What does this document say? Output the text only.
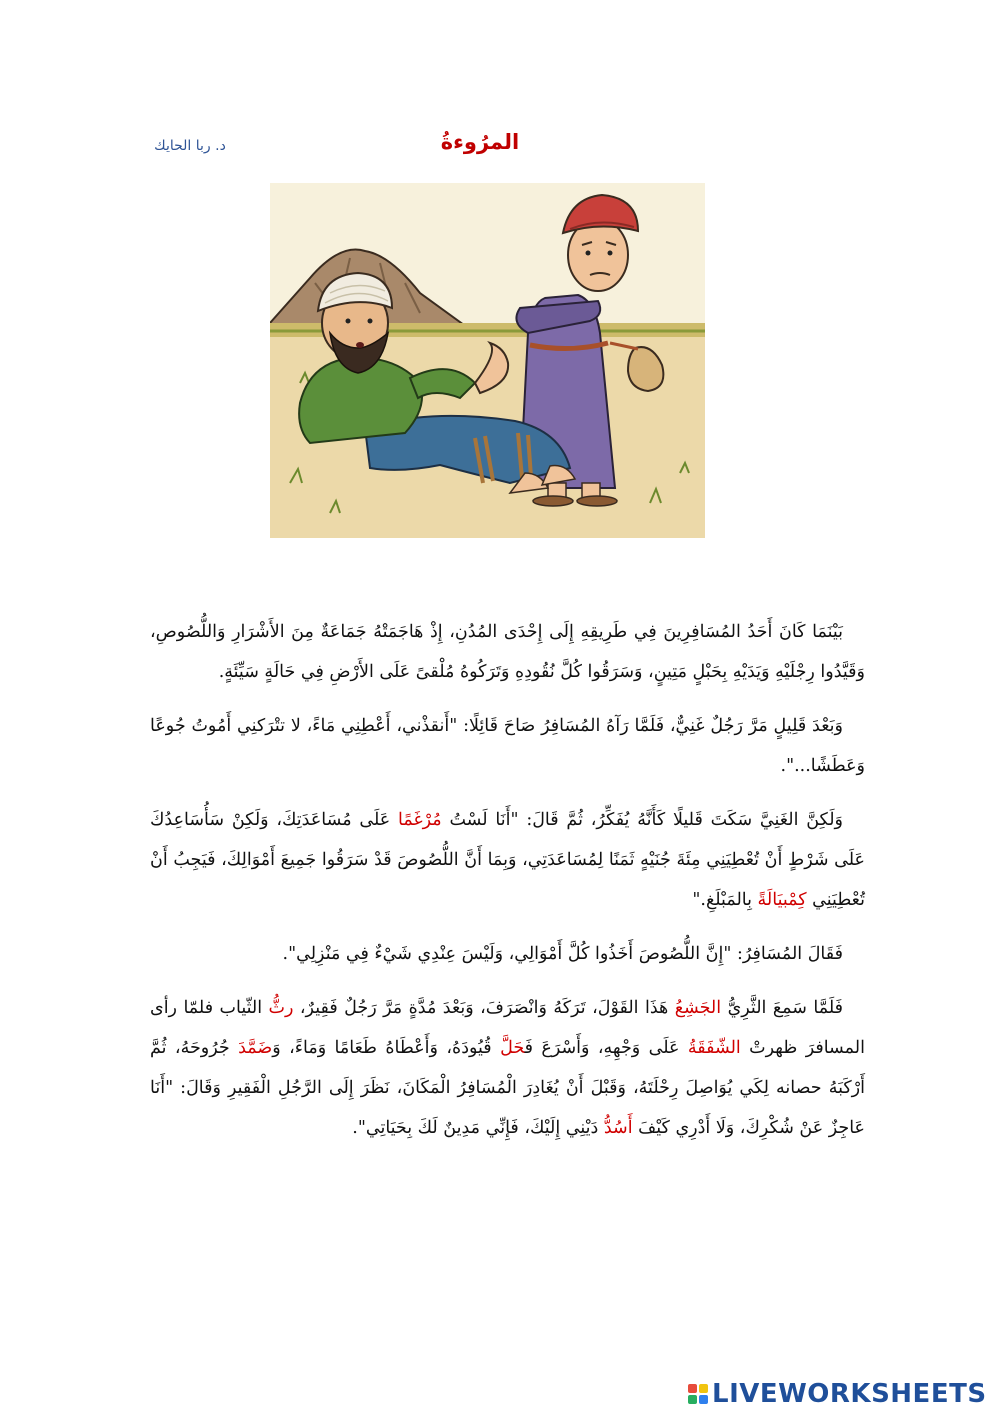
د. ربا الحايك	المرُوءةُ

بَيْنَمَا كَانَ أَحَدُ المُسَافِرِينَ فِي طَرِيقِهِ إِلَى إِحْدَى المُدُنِ، إِذْ هَاجَمَتْهُ جَمَاعَةٌ مِنَ الأَشْرَارِ وَاللُّصُوصِ، وَقَيَّدُوا رِجْلَيْهِ وَيَدَيْهِ بِحَبْلٍ مَتِينٍ، وَسَرَقُوا كُلَّ نُقُودِهِ وَتَرَكُوهُ مُلْقىً عَلَى الأَرْضِ فِي حَالَةٍ سَيِّئَةٍ.

وَبَعْدَ قَلِيلٍ مَرَّ رَجُلٌ غَنِيٌّ، فَلَمَّا رَآهُ المُسَافِرُ صَاحَ قَائِلًا: "أَنقذْني، أَعْطِنِي مَاءً، لا تتْرَكنِي أَمُوتُ جُوعًا وَعَطَشًا...".

وَلَكِنَّ الغَنِيَّ سَكَتَ قَليلًا كَأَنَّهُ يُفَكِّرُ، ثُمَّ قَالَ: "أَنَا لَسْتُ مُرْغَمًا عَلَى مُسَاعَدَتِكَ، وَلَكِنْ سَأُسَاعِدُكَ عَلَى شَرْطٍ أَنْ تُعْطِيَنِي مِئَةَ جُنَيْهٍ ثَمَنًا لِمُسَاعَدَتِي، وَبِمَا أَنَّ اللُّصُوصَ قَدْ سَرَقُوا جَمِيعَ أَمْوَالِكَ، فَيَجِبُ أَنْ تُعْطِيَنِي كِمْبيَالَةً بِالمَبْلَغِ."

فَقَالَ المُسَافِرُ: "إِنَّ اللُّصُوصَ أَخَذُوا كُلَّ أَمْوَالِي، وَلَيْسَ عِنْدِي شَيْءٌ فِي مَنْزِلِي".

فَلَمَّا سَمِعَ الثَّرِيُّ الجَشِعُ هَذَا القَوْلَ، تَرَكَهُ وَانْصَرَفَ، وَبَعْدَ مُدَّةٍ مَرَّ رَجُلٌ فَقِيرٌ، رثُّ الثّياب فلمّا رأى المسافرَ ظهرتْ الشّفَقَةُ عَلَى وَجْهِهِ، وَأَسْرَعَ فَحَلَّ قُيُودَهُ، وَأَعْطَاهُ طَعَامًا وَمَاءً، وَضَمَّدَ جُرُوحَهُ، ثُمَّ أَرْكَبَهُ حصانه لِكَي يُوَاصِلَ رِحْلَتَهُ، وَقَبْلَ أَنْ يُغَادِرَ الْمُسَافِرُ الْمَكَانَ، نَظَرَ إِلَى الرَّجُلِ الْفَقِيرِ وَقَالَ: "أَنَا عَاجِزٌ عَنْ شُكْرِكَ، وَلَا أَدْرِي كَيْفَ أَسُدُّ دَيْنِي إِلَيْكَ، فَإِنِّي مَدِينٌ لَكَ بِحَيَاتِي".

LIVEWORKSHEETS
